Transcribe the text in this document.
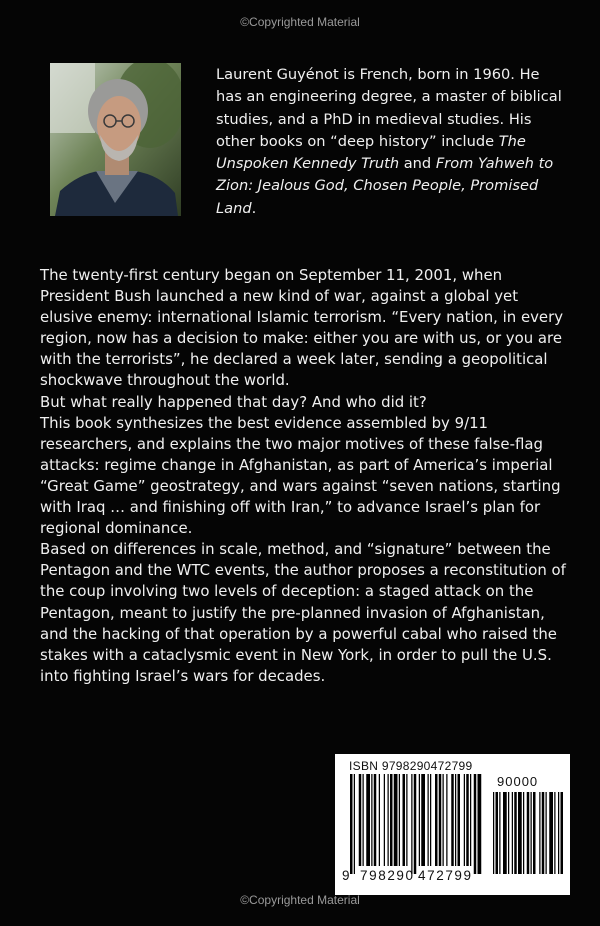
©Copyrighted Material

Laurent Guyénot is French, born in 1960. He has an engineering degree, a master of biblical studies, and a PhD in medieval studies. His other books on “deep history” include The Unspoken Kennedy Truth and From Yahweh to Zion: Jealous God, Chosen People, Promised Land.

The twenty-first century began on September 11, 2001, when President Bush launched a new kind of war, against a global yet elusive enemy: international Islamic terrorism. “Every nation, in every region, now has a decision to make: either you are with us, or you are with the terrorists”, he declared a week later, sending a geopolitical shockwave throughout the world.

But what really happened that day? And who did it?

This book synthesizes the best evidence assembled by 9/11 researchers, and explains the two major motives of these false-flag attacks: regime change in Afghanistan, as part of America’s imperial “Great Game” geostrategy, and wars against “seven nations, starting with Iraq … and finishing off with Iran,” to advance Israel’s plan for regional dominance.

Based on differences in scale, method, and “signature” between the Pentagon and the WTC events, the author proposes a reconstitution of the coup involving two levels of deception: a staged attack on the Pentagon, meant to justify the pre-planned invasion of Afghanistan, and the hacking of that operation by a powerful cabal who raised the stakes with a cataclysmic event in New York, in order to pull the U.S. into fighting Israel’s wars for decades.

ISBN 9798290472799
90000
9 798290 472799
©Copyrighted Material
